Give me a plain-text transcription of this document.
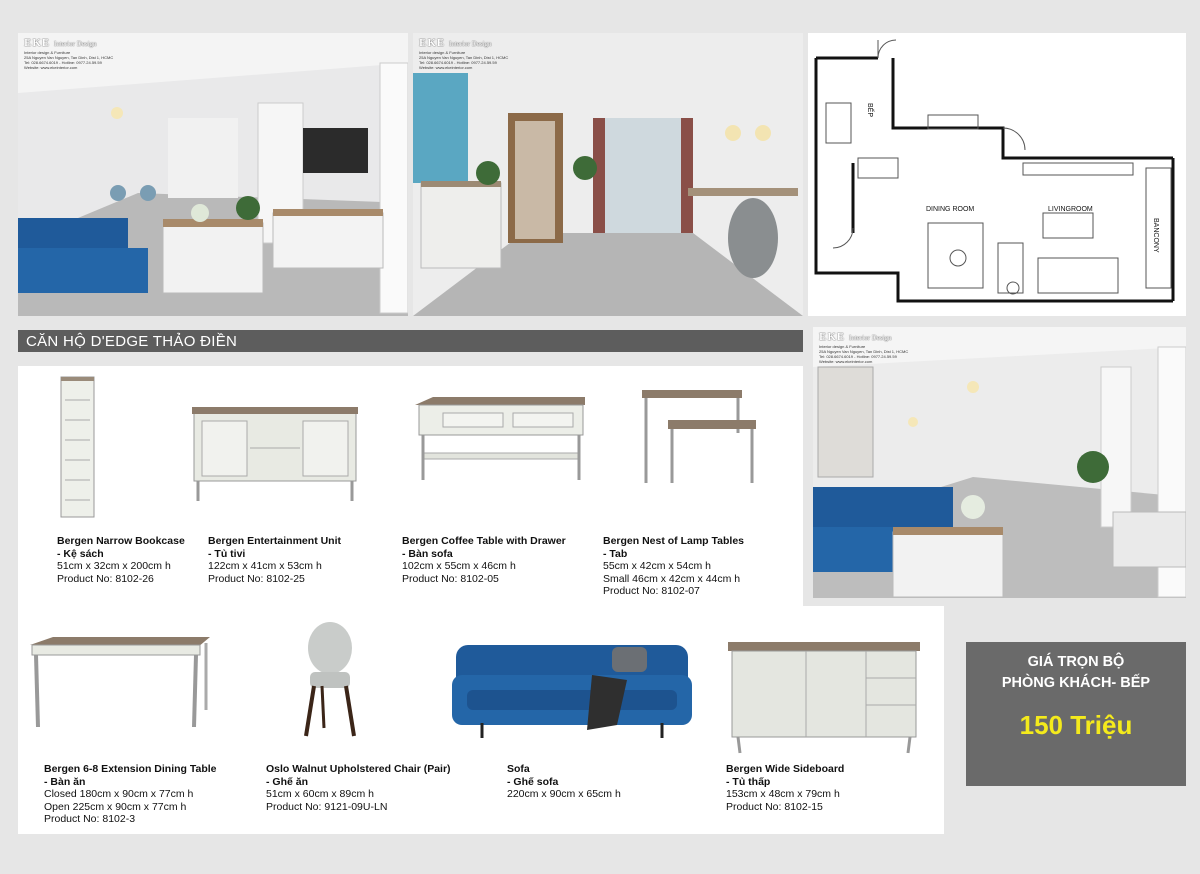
EKE Interior Design
Interior design & Furniture
25A Nguyen Van Nguyen, Tan Dinh, Dist 1, HCMC
Tel: 028.6674.6019 - Hotline: 0977.24.59.59
Website: www.ekeinterior.com
EKE Interior Design
Interior design & Furniture
25A Nguyen Van Nguyen, Tan Dinh, Dist 1, HCMC
Tel: 028.6674.6019 - Hotline: 0977.24.59.59
Website: www.ekeinterior.com
BẾP
DINING ROOM	LIVINGROOM
BANCONY
CĂN HỘ D'EDGE THẢO ĐIỀN	EKE Interior Design
Interior design & Furniture
25A Nguyen Van Nguyen, Tan Dinh, Dist 1, HCMC
Tel: 028.6674.6019 - Hotline: 0977.24.59.59
Website: www.ekeinterior.com
Bergen Narrow Bookcase
- Kệ sách
51cm x 32cm x 200cm h
Product No: 8102-26
Bergen Entertainment Unit
- Tủ tivi
122cm x 41cm x 53cm h
Product No: 8102-25
Bergen Coffee Table with Drawer
- Bàn sofa
102cm x 55cm x 46cm h
Product No: 8102-05
Bergen Nest of Lamp Tables
- Tab
55cm x 42cm x 54cm h
Small 46cm x 42cm x 44cm h
Product No: 8102-07
Bergen 6-8 Extension Dining Table
- Bàn ăn
Closed 180cm x 90cm x 77cm h
Open 225cm x 90cm x 77cm h
Product No: 8102-3
Oslo Walnut Upholstered Chair (Pair)
- Ghế ăn
51cm x 60cm x 89cm h
Product No: 9121-09U-LN
Sofa
- Ghế sofa
220cm x 90cm x 65cm h
Bergen Wide Sideboard
- Tủ thấp
153cm x 48cm x 79cm h
Product No: 8102-15
GIÁ TRỌN BỘ
PHÒNG KHÁCH- BẾP
150 Triệu
